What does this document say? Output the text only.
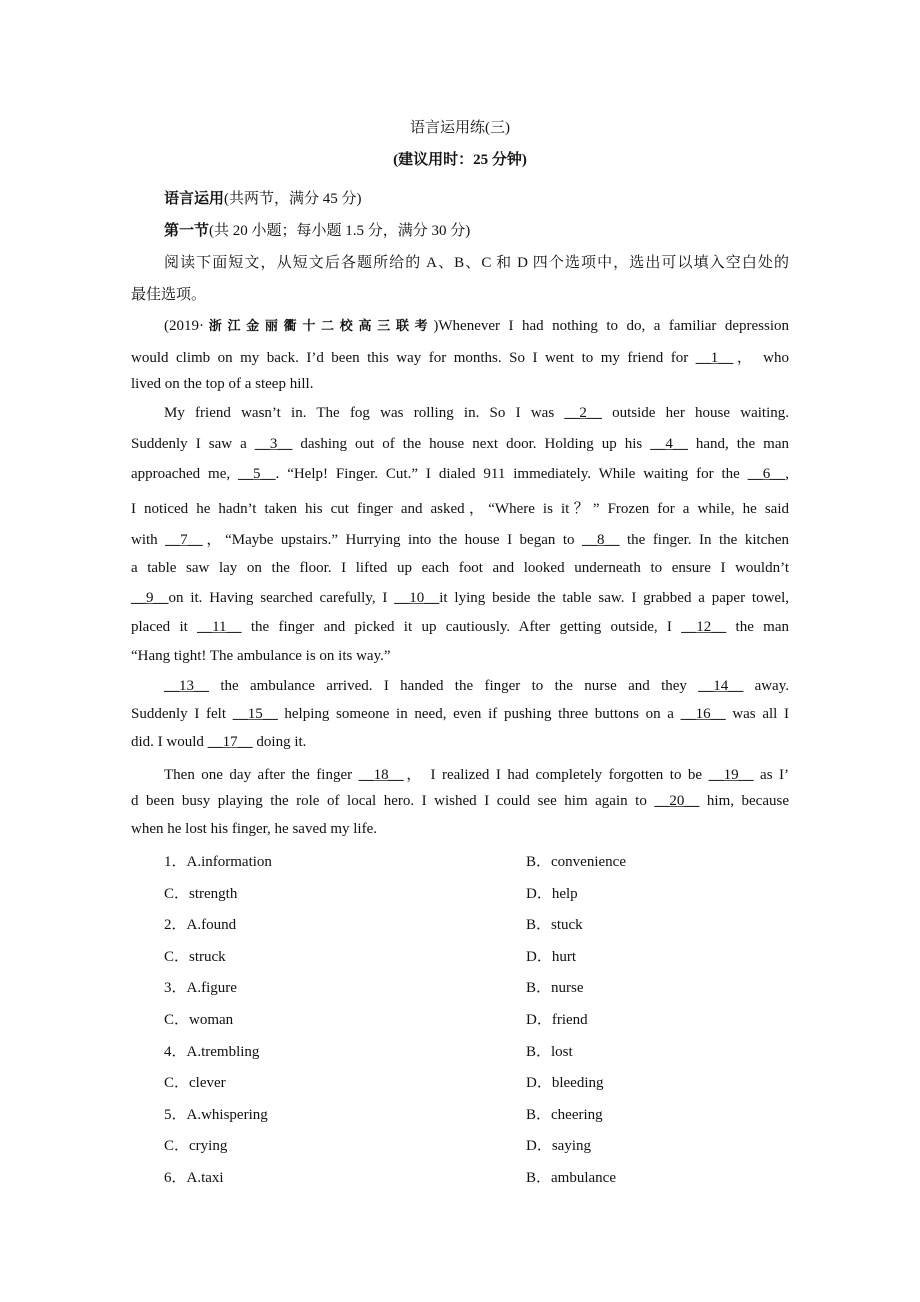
语言运用练(三)
(建议用时：25 分钟)
语言运用(共两节，满分 45 分)
第一节(共 20 小题；每小题 1.5 分，满分 30 分)
阅读下面短文，从短文后各题所给的 A、B、C 和 D 四个选项中，选出可以填入空白处的
最佳选项。
(2019·浙江金丽衢十二校高三联考)Whenever I had nothing to do, a familiar depression
would climb on my back. I’d been this way for months. So I went to my friend for __1__， who
lived on the top of a steep hill.
My friend wasn’t in. The fog was rolling in. So I was __2__ outside her house waiting.
Suddenly I saw a __3__ dashing out of the house next door. Holding up his __4__ hand, the man
approached me, __5__. “Help! Finger. Cut.” I dialed 911 immediately. While waiting for the __6__,
I noticed he hadn’t taken his cut finger and asked，“Where is it？” Frozen for a while, he said
with __7__，“Maybe upstairs.” Hurrying into the house I began to __8__ the finger. In the kitchen
a table saw lay on the floor. I lifted up each foot and looked underneath to ensure I wouldn’t
__9__on it. Having searched carefully, I __10__it lying beside the table saw. I grabbed a paper towel,
placed it __11__ the finger and picked it up cautiously. After getting outside, I __12__ the man
“Hang tight! The ambulance is on its way.”
__13__ the ambulance arrived. I handed the finger to the nurse and they __14__ away.
Suddenly I felt __15__ helping someone in need, even if pushing three buttons on a __16__ was all I
did. I would __17__ doing it.
Then one day after the finger __18__， I realized I had completely forgotten to be __19__ as I’
d been busy playing the role of local hero. I wished I could see him again to __20__ him, because
when he lost his finger, he saved my life.
1．A.information	B．convenience
C．strength	D．help
2．A.found	B．stuck
C．struck	D．hurt
3．A.figure	B．nurse
C．woman	D．friend
4．A.trembling	B．lost
C．clever	D．bleeding
5．A.whispering	B．cheering
C．crying	D．saying
6．A.taxi	B．ambulance
